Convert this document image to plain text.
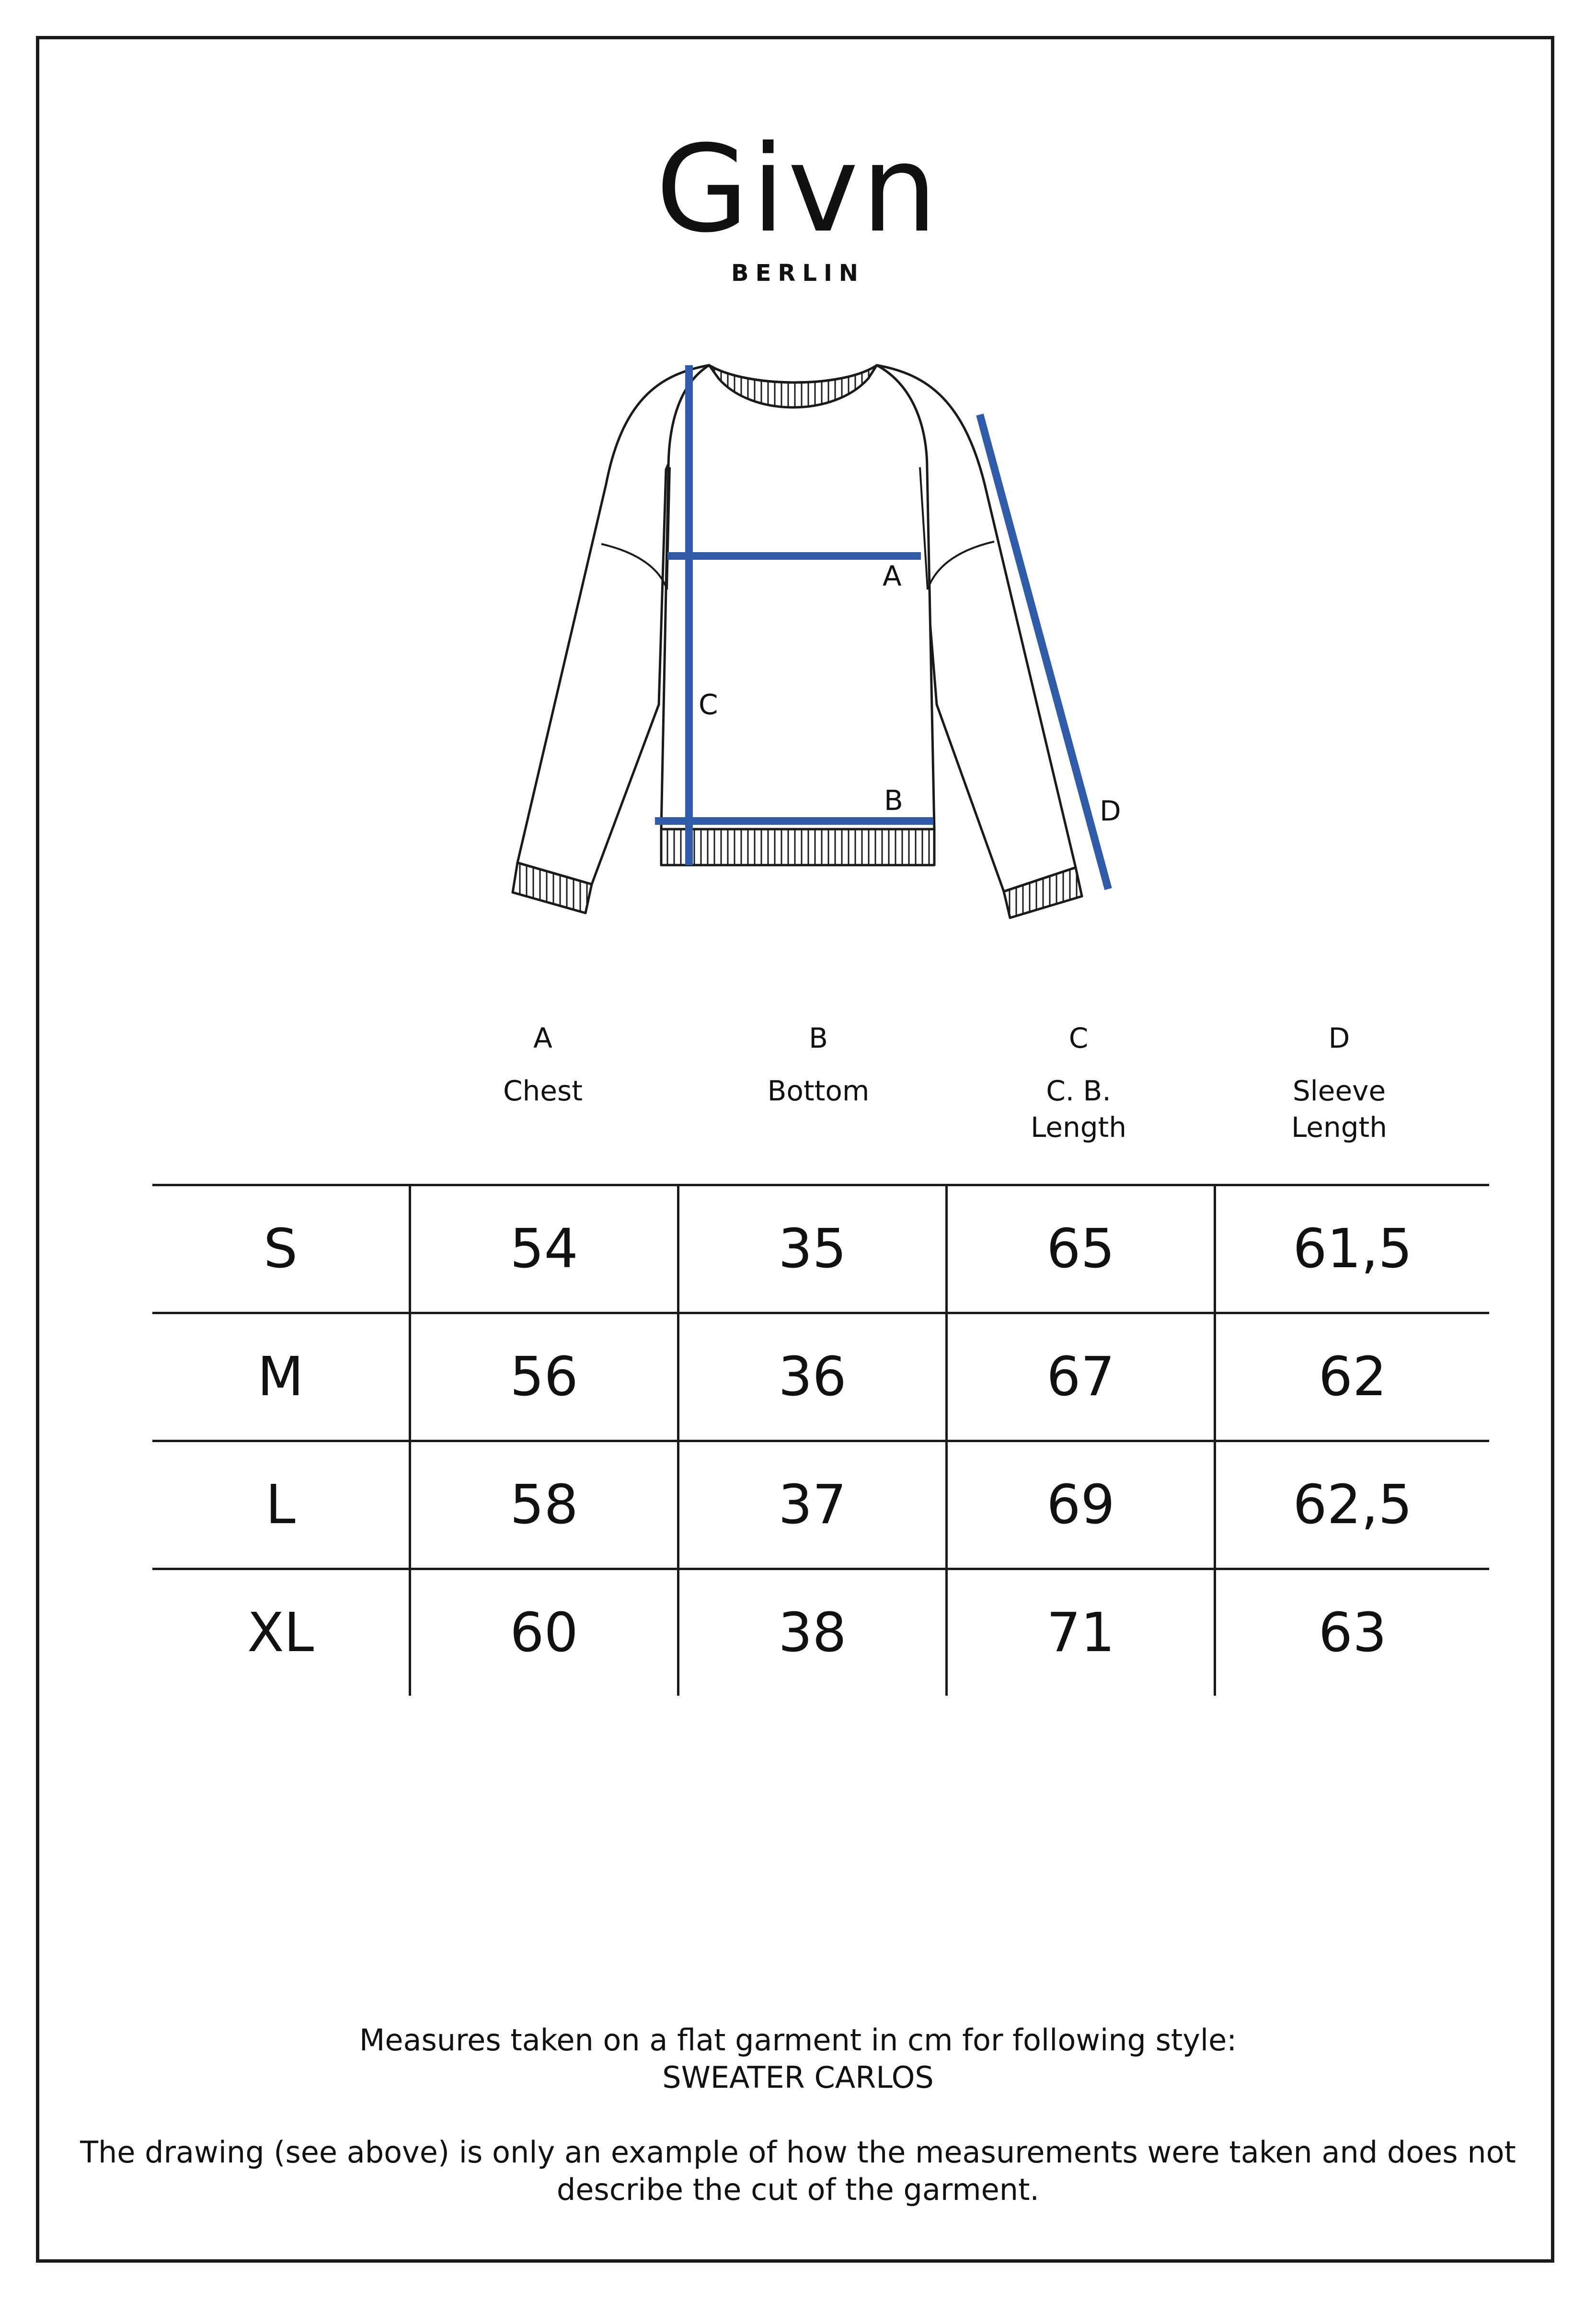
Givn
BERLIN
A
B
C
D
A
Chest
B
Bottom
C
C. B.
Length
D
Sleeve
Length
S	54	35	65	61,5
M	56	36	67	62
L	58	37	69	62,5
XL	60	38	71	63
Measures taken on a flat garment in cm for following style:
SWEATER CARLOS
The drawing (see above) is only an example of how the measurements were taken and does not describe the cut of the garment.
